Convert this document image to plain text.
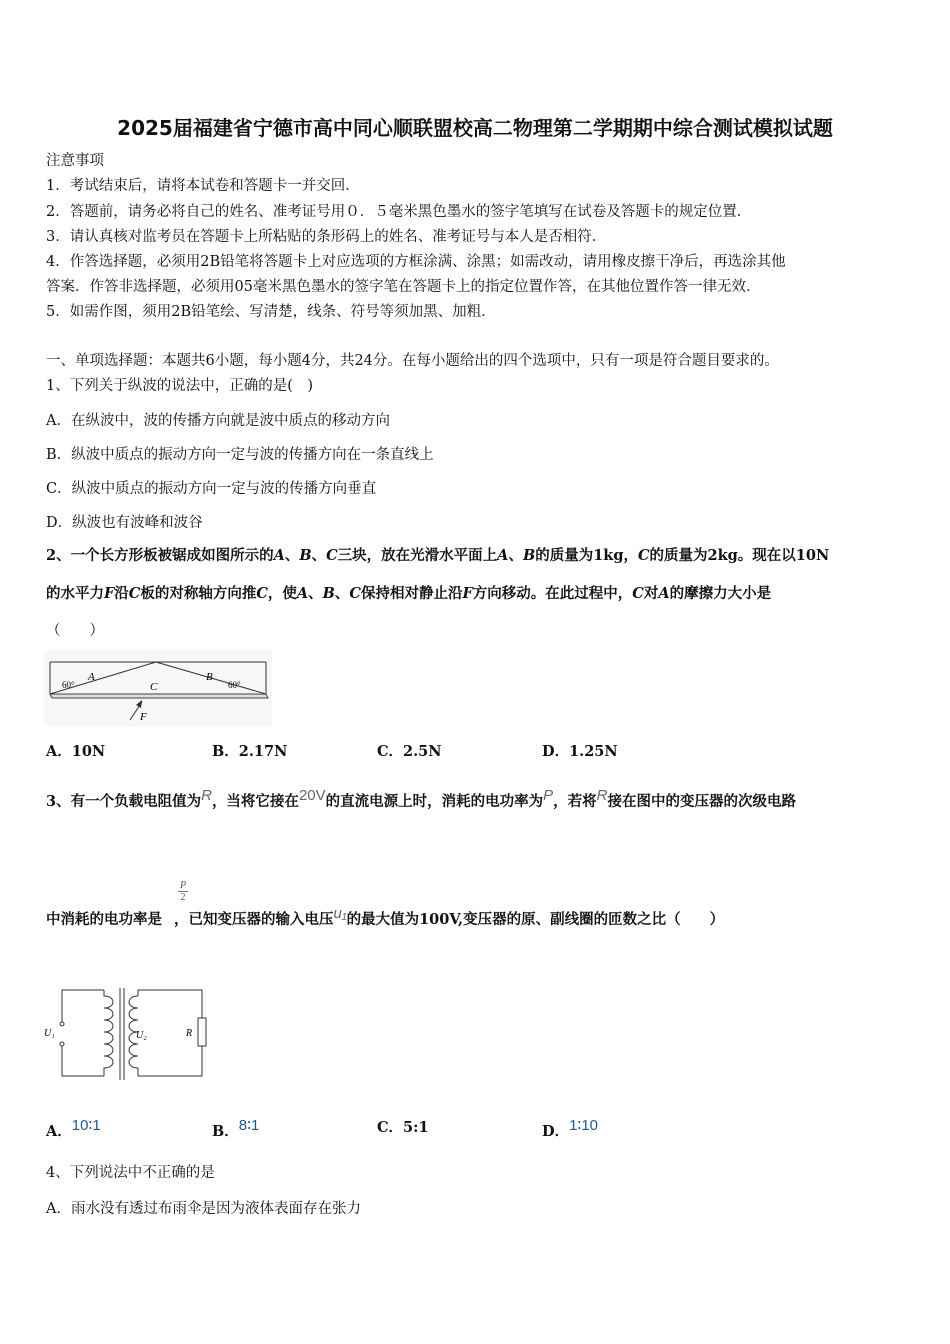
2025届福建省宁德市高中同心顺联盟校高二物理第二学期期中综合测试模拟试题
注意事项
1．考试结束后，请将本试卷和答题卡一并交回．
2．答题前，请务必将自己的姓名、准考证号用０．５毫米黑色墨水的签字笔填写在试卷及答题卡的规定位置．
3．请认真核对监考员在答题卡上所粘贴的条形码上的姓名、准考证号与本人是否相符．
4．作答选择题，必须用2B铅笔将答题卡上对应选项的方框涂满、涂黑；如需改动，请用橡皮擦干净后，再选涂其他
答案．作答非选择题，必须用05毫米黑色墨水的签字笔在答题卡上的指定位置作答，在其他位置作答一律无效．
5．如需作图，须用2B铅笔绘、写清楚，线条、符号等须加黑、加粗．
一、单项选择题：本题共6小题，每小题4分，共24分。在每小题给出的四个选项中，只有一项是符合题目要求的。
1、下列关于纵波的说法中，正确的是(　)
A．在纵波中，波的传播方向就是波中质点的移动方向
B．纵波中质点的振动方向一定与波的传播方向在一条直线上
C．纵波中质点的振动方向一定与波的传播方向垂直
D．纵波也有波峰和波谷
2、一个长方形板被锯成如图所示的A、B、C三块，放在光滑水平面上A、B的质量为1kg，C的质量为2kg。现在以10N
的水平力F沿C板的对称轴方向推C，使A、B、C保持相对静止沿F方向移动。在此过程中，C对A的摩擦力大小是
（　　）
A	B
C
60°	60°
F
A．10N	B．2.17N	C．2.5N	D．1.25N
3、有一个负载电阻值为$^R$，当将它接在$^{20V}$的直流电源上时，消耗的电功率为$^P$，若将$^R$接在图中的变压器的次级电路
P
2
中消耗的电功率是 ，已知变压器的输入电压$^{u_1}$的最大值为100V,变压器的原、副线圈的匝数之比（　　）
U₁	U₂	R
A．$^{10∶1}$	B．$^{8∶1}$	C．5:1	D．$^{1∶10}$
4、下列说法中不正确的是
A．雨水没有透过布雨伞是因为液体表面存在张力
